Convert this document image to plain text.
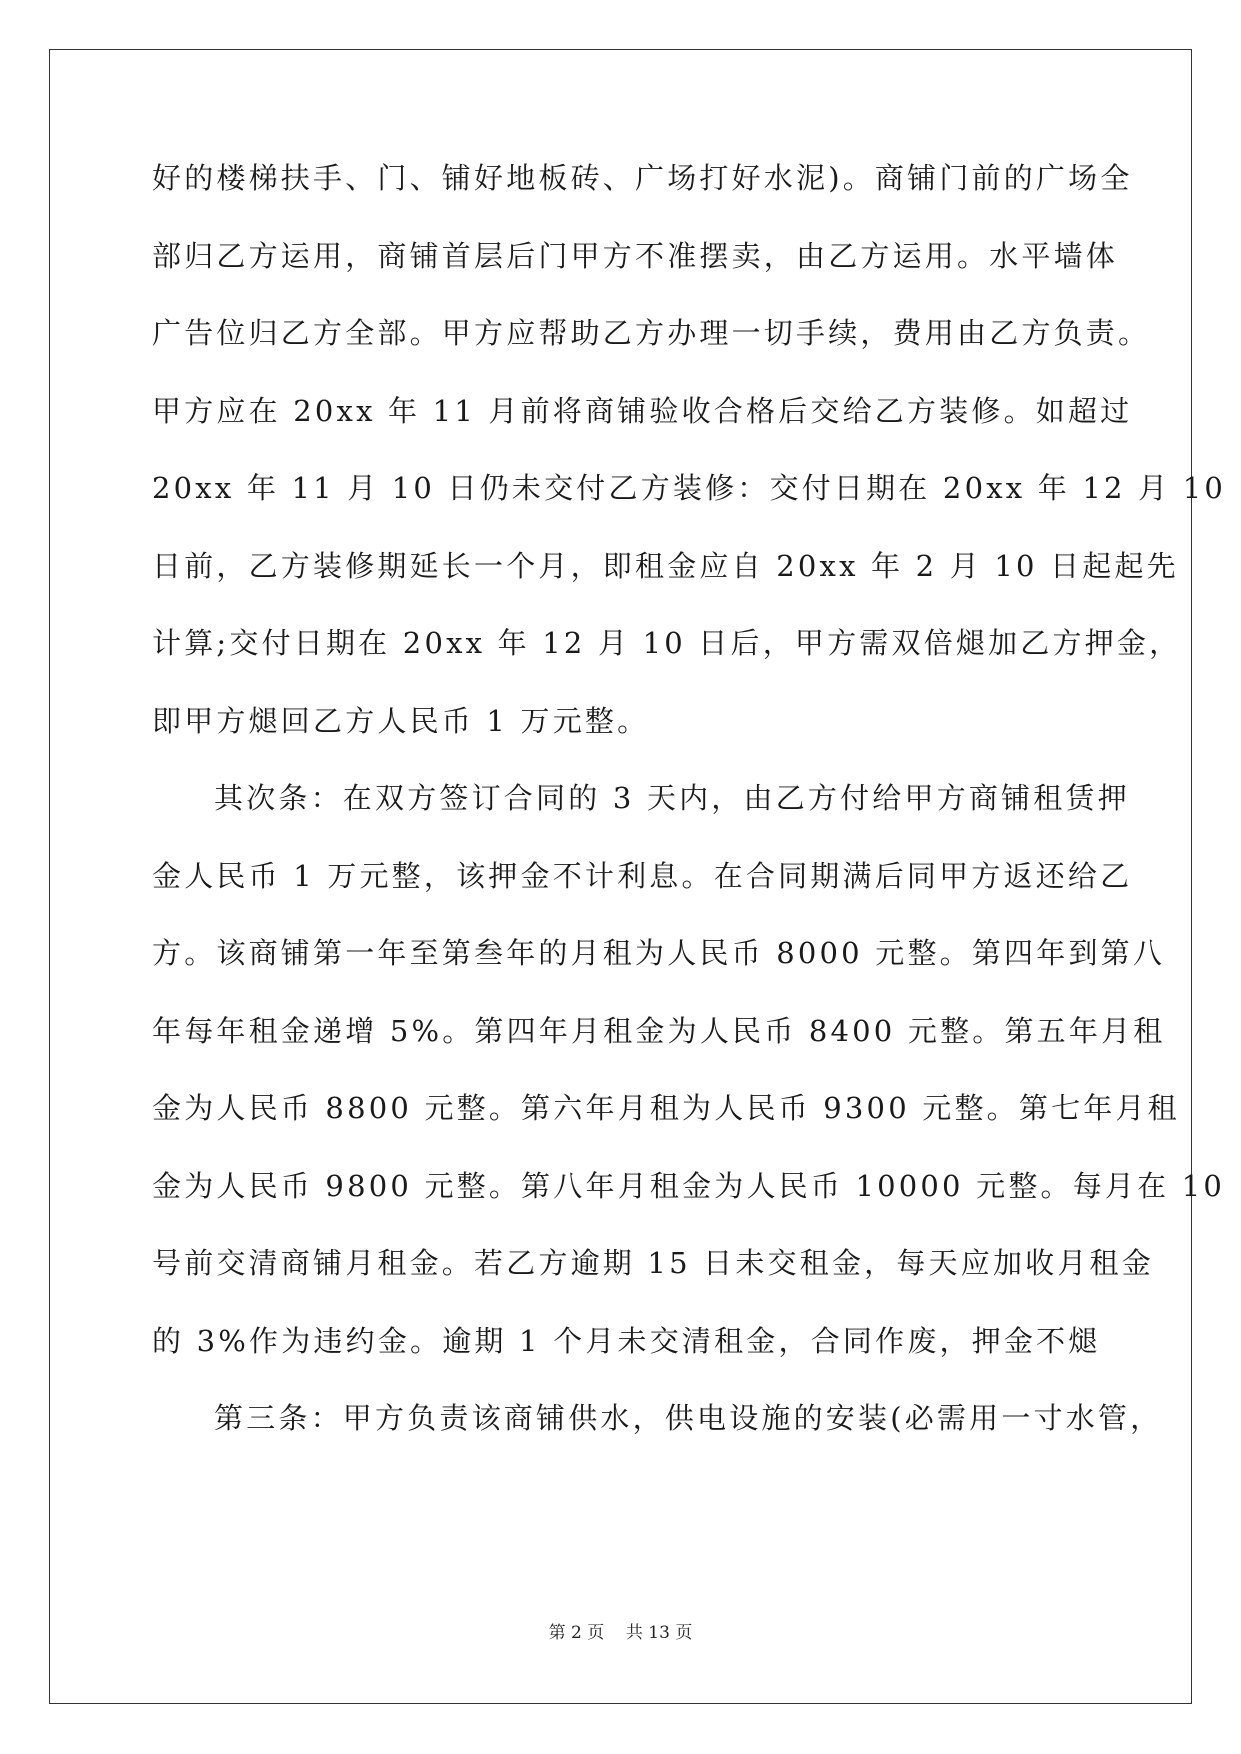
好的楼梯扶手、门、铺好地板砖、广场打好水泥)。商铺门前的广场全
部归乙方运用，商铺首层后门甲方不准摆卖，由乙方运用。水平墙体
广告位归乙方全部。甲方应帮助乙方办理一切手续，费用由乙方负责。
甲方应在 20xx 年 11 月前将商铺验收合格后交给乙方装修。如超过
20xx 年 11 月 10 日仍未交付乙方装修：交付日期在 20xx 年 12 月 10
日前，乙方装修期延长一个月，即租金应自 20xx 年 2 月 10 日起起先
计算;交付日期在 20xx 年 12 月 10 日后，甲方需双倍煺加乙方押金，
即甲方煺回乙方人民币 1 万元整。
其次条：在双方签订合同的 3 天内，由乙方付给甲方商铺租赁押
金人民币 1 万元整，该押金不计利息。在合同期满后同甲方返还给乙
方。该商铺第一年至第叁年的月租为人民币 8000 元整。第四年到第八
年每年租金递增 5%。第四年月租金为人民币 8400 元整。第五年月租
金为人民币 8800 元整。第六年月租为人民币 9300 元整。第七年月租
金为人民币 9800 元整。第八年月租金为人民币 10000 元整。每月在 10
号前交清商铺月租金。若乙方逾期 15 日未交租金，每天应加收月租金
的 3%作为违约金。逾期 1 个月未交清租金，合同作废，押金不煺
第三条：甲方负责该商铺供水，供电设施的安装(必需用一寸水管，
第 2 页    共 13 页
